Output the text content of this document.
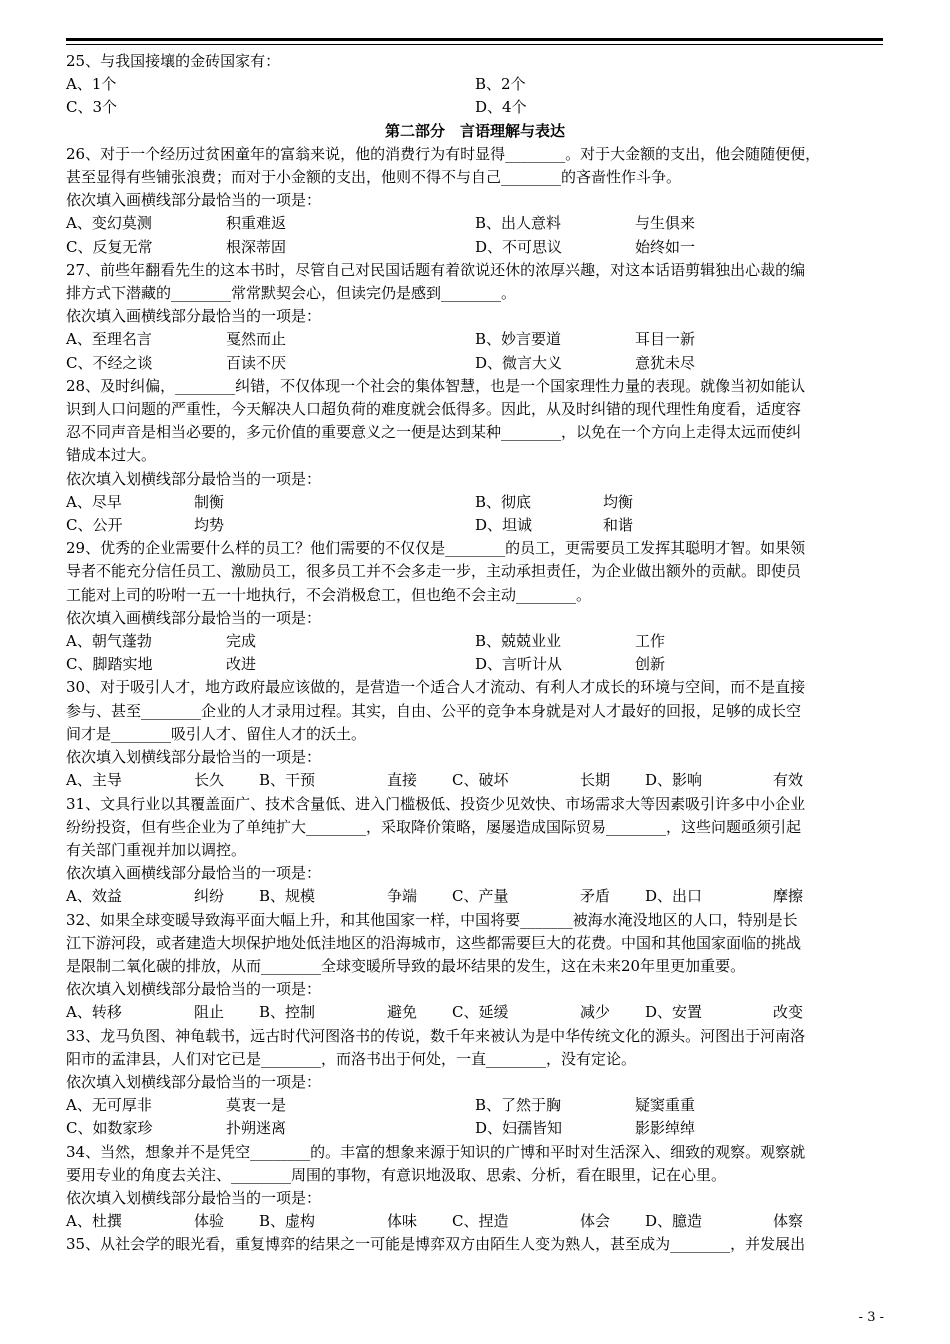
25、与我国接壤的金砖国家有：
A、1个	B、2个
C、3个	D、4个
第二部分　言语理解与表达
26、对于一个经历过贫困童年的富翁来说，他的消费行为有时显得________。对于大金额的支出，他会随随便便，
甚至显得有些铺张浪费；而对于小金额的支出，他则不得不与自己________的吝啬性作斗争。
依次填入画横线部分最恰当的一项是：
A、变幻莫测	积重难返	B、出人意料	与生俱来
C、反复无常	根深蒂固	D、不可思议	始终如一
27、前些年翻看先生的这本书时，尽管自己对民国话题有着欲说还休的浓厚兴趣，对这本话语剪辑独出心裁的编
排方式下潜藏的________常常默契会心，但读完仍是感到________。
依次填入画横线部分最恰当的一项是：
A、至理名言	戛然而止	B、妙言要道	耳目一新
C、不经之谈	百读不厌	D、微言大义	意犹未尽
28、及时纠偏，________纠错，不仅体现一个社会的集体智慧，也是一个国家理性力量的表现。就像当初如能认
识到人口问题的严重性，今天解决人口超负荷的难度就会低得多。因此，从及时纠错的现代理性角度看，适度容
忍不同声音是相当必要的，多元价值的重要意义之一便是达到某种________，以免在一个方向上走得太远而使纠
错成本过大。
依次填入划横线部分最恰当的一项是：
A、尽早	制衡	B、彻底	均衡
C、公开	均势	D、坦诚	和谐
29、优秀的企业需要什么样的员工？他们需要的不仅仅是________的员工，更需要员工发挥其聪明才智。如果领
导者不能充分信任员工、激励员工，很多员工并不会多走一步，主动承担责任，为企业做出额外的贡献。即使员
工能对上司的吩咐一五一十地执行，不会消极怠工，但也绝不会主动________。
依次填入画横线部分最恰当的一项是：
A、朝气蓬勃	完成	B、兢兢业业	工作
C、脚踏实地	改进	D、言听计从	创新
30、对于吸引人才，地方政府最应该做的，是营造一个适合人才流动、有利人才成长的环境与空间，而不是直接
参与、甚至________企业的人才录用过程。其实，自由、公平的竞争本身就是对人才最好的回报，足够的成长空
间才是________吸引人才、留住人才的沃土。
依次填入划横线部分最恰当的一项是：
A、主导	长久	B、干预	直接	C、破坏	长期	D、影响	有效
31、文具行业以其覆盖面广、技术含量低、进入门槛极低、投资少见效快、市场需求大等因素吸引许多中小企业
纷纷投资，但有些企业为了单纯扩大________，采取降价策略，屡屡造成国际贸易________，这些问题亟须引起
有关部门重视并加以调控。
依次填入画横线部分最恰当的一项是：
A、效益	纠纷	B、规模	争端	C、产量	矛盾	D、出口	摩擦
32、如果全球变暖导致海平面大幅上升，和其他国家一样，中国将要_______被海水淹没地区的人口，特别是长
江下游河段，或者建造大坝保护地处低洼地区的沿海城市，这些都需要巨大的花费。中国和其他国家面临的挑战
是限制二氧化碳的排放，从而________全球变暖所导致的最坏结果的发生，这在未来20年里更加重要。
依次填入划横线部分最恰当的一项是：
A、转移	阻止	B、控制	避免	C、延缓	减少	D、安置	改变
33、龙马负图、神龟载书，远古时代河图洛书的传说，数千年来被认为是中华传统文化的源头。河图出于河南洛
阳市的孟津县，人们对它已是________，而洛书出于何处，一直________，没有定论。
依次填入划横线部分最恰当的一项是：
A、无可厚非	莫衷一是	B、了然于胸	疑窦重重
C、如数家珍	扑朔迷离	D、妇孺皆知	影影绰绰
34、当然，想象并不是凭空________的。丰富的想象来源于知识的广博和平时对生活深入、细致的观察。观察就
要用专业的角度去关注、________周围的事物，有意识地汲取、思索、分析，看在眼里，记在心里。
依次填入划横线部分最恰当的一项是：
A、杜撰	体验	B、虚构	体味	C、捏造	体会	D、臆造	体察
35、从社会学的眼光看，重复博弈的结果之一可能是博弈双方由陌生人变为熟人，甚至成为________，并发展出
- 3 -
